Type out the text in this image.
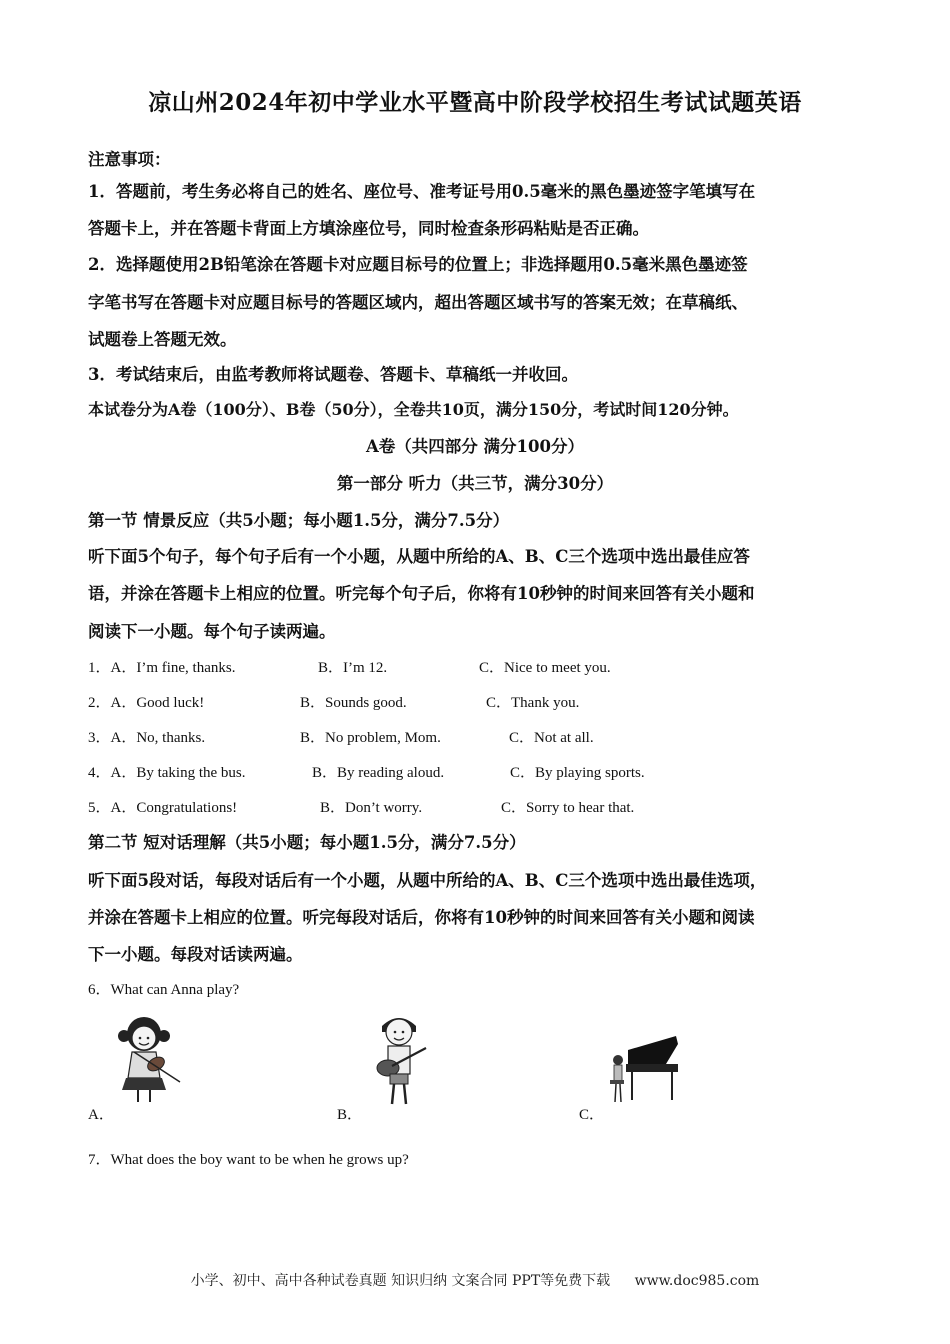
凉山州2024年初中学业水平暨高中阶段学校招生考试试题英语
注意事项：
1．答题前，考生务必将自己的姓名、座位号、准考证号用0.5毫米的黑色墨迹签字笔填写在
答题卡上，并在答题卡背面上方填涂座位号，同时检查条形码粘贴是否正确。
2．选择题使用2B铅笔涂在答题卡对应题目标号的位置上；非选择题用0.5毫米黑色墨迹签
字笔书写在答题卡对应题目标号的答题区域内，超出答题区域书写的答案无效；在草稿纸、
试题卷上答题无效。
3．考试结束后，由监考教师将试题卷、答题卡、草稿纸一并收回。
本试卷分为A卷（100分）、B卷（50分），全卷共10页，满分150分，考试时间120分钟。
A卷（共四部分 满分100分）
第一部分 听力（共三节，满分30分）
第一节 情景反应（共5小题；每小题1.5分，满分7.5分）
听下面5个句子，每个句子后有一个小题，从题中所给的A、B、C三个选项中选出最佳应答
语，并涂在答题卡上相应的位置。听完每个句子后，你将有10秒钟的时间来回答有关小题和
阅读下一小题。每个句子读两遍。
1．A．I’m fine, thanks.	B．I’m 12.	C．Nice to meet you.
2．A．Good luck!	B．Sounds good.	C．Thank you.
3．A．No, thanks.	B．No problem, Mom.	C．Not at all.
4．A．By taking the bus.	B．By reading aloud.	C．By playing sports.
5．A．Congratulations!	B．Don’t worry.	C．Sorry to hear that.
第二节 短对话理解（共5小题；每小题1.5分，满分7.5分）
听下面5段对话，每段对话后有一个小题，从题中所给的A、B、C三个选项中选出最佳选项，
并涂在答题卡上相应的位置。听完每段对话后，你将有10秒钟的时间来回答有关小题和阅读
下一小题。每段对话读两遍。
6．What can Anna play?
A．	B．	C．
7．What does the boy want to be when he grows up?
小学、初中、高中各种试卷真题 知识归纳 文案合同 PPT等免费下载 www.doc985.com
